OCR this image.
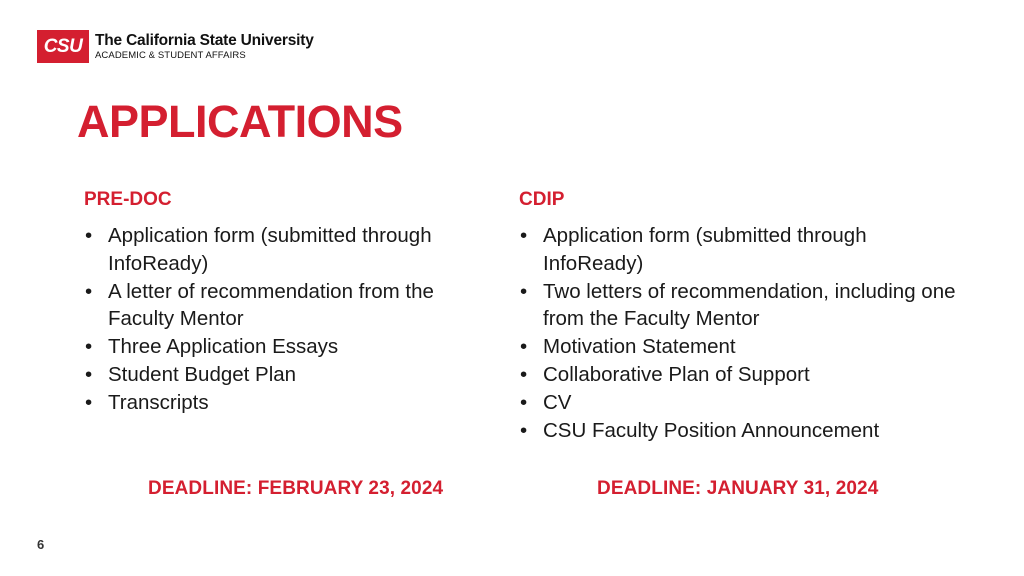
CSU The California State University
ACADEMIC & STUDENT AFFAIRS
APPLICATIONS
PRE-DOC
• Application form (submitted through InfoReady)
• A letter of recommendation from the Faculty Mentor
• Three Application Essays
• Student Budget Plan
• Transcripts
CDIP
• Application form (submitted through InfoReady)
• Two letters of recommendation, including one from the Faculty Mentor
• Motivation Statement
• Collaborative Plan of Support
• CV
• CSU Faculty Position Announcement
DEADLINE: FEBRUARY 23, 2024	DEADLINE: JANUARY 31, 2024
6
